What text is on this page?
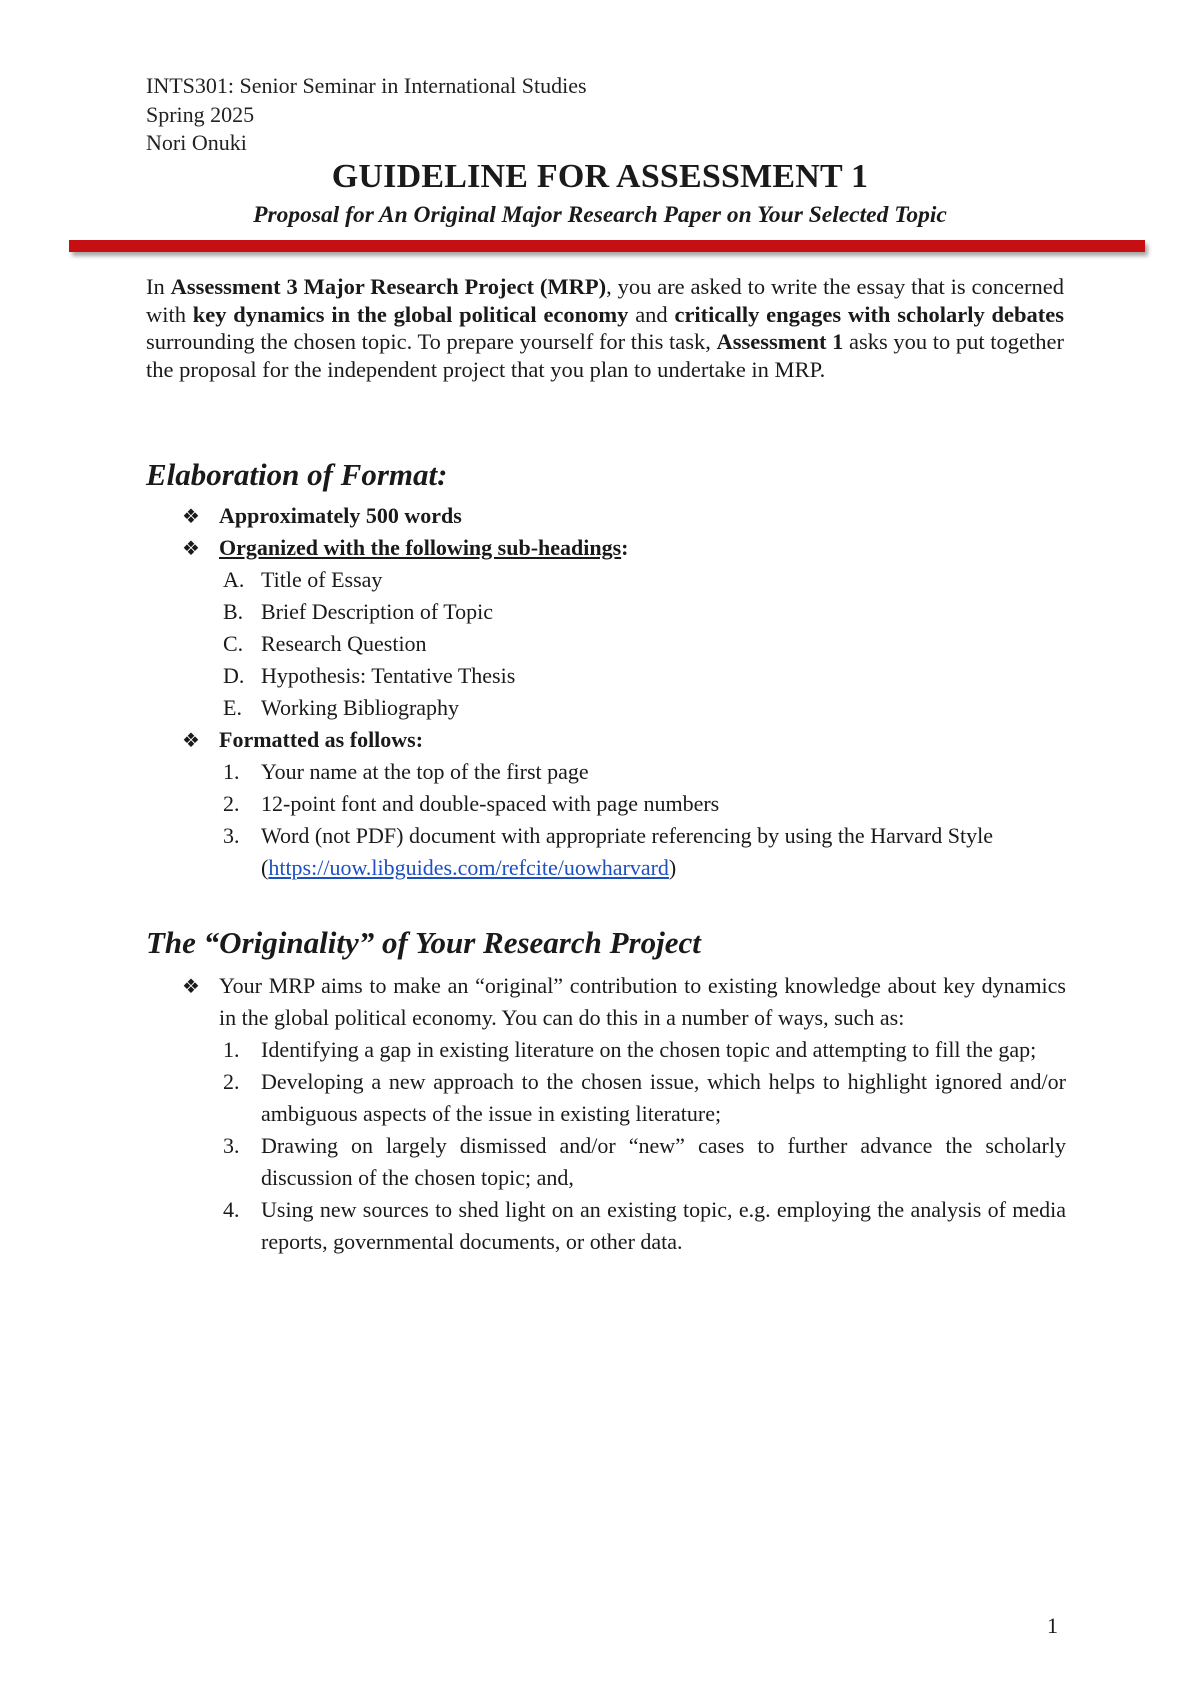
INTS301: Senior Seminar in International Studies
Spring 2025
Nori Onuki
GUIDELINE FOR ASSESSMENT 1
Proposal for An Original Major Research Paper on Your Selected Topic

In Assessment 3 Major Research Project (MRP), you are asked to write the essay that is concerned with key dynamics in the global political economy and critically engages with scholarly debates surrounding the chosen topic. To prepare yourself for this task, Assessment 1 asks you to put together the proposal for the independent project that you plan to undertake in MRP.

Elaboration of Format:
❖ Approximately 500 words
❖ Organized with the following sub-headings:
A. Title of Essay
B. Brief Description of Topic
C. Research Question
D. Hypothesis: Tentative Thesis
E. Working Bibliography
❖ Formatted as follows:
1. Your name at the top of the first page
2. 12-point font and double-spaced with page numbers
3. Word (not PDF) document with appropriate referencing by using the Harvard Style (https://uow.libguides.com/refcite/uowharvard)
The “Originality” of Your Research Project
❖ Your MRP aims to make an “original” contribution to existing knowledge about key dynamics in the global political economy. You can do this in a number of ways, such as:
1. Identifying a gap in existing literature on the chosen topic and attempting to fill the gap;
2. Developing a new approach to the chosen issue, which helps to highlight ignored and/or ambiguous aspects of the issue in existing literature;
3. Drawing on largely dismissed and/or “new” cases to further advance the scholarly discussion of the chosen topic; and,
4. Using new sources to shed light on an existing topic, e.g. employing the analysis of media reports, governmental documents, or other data.
1
